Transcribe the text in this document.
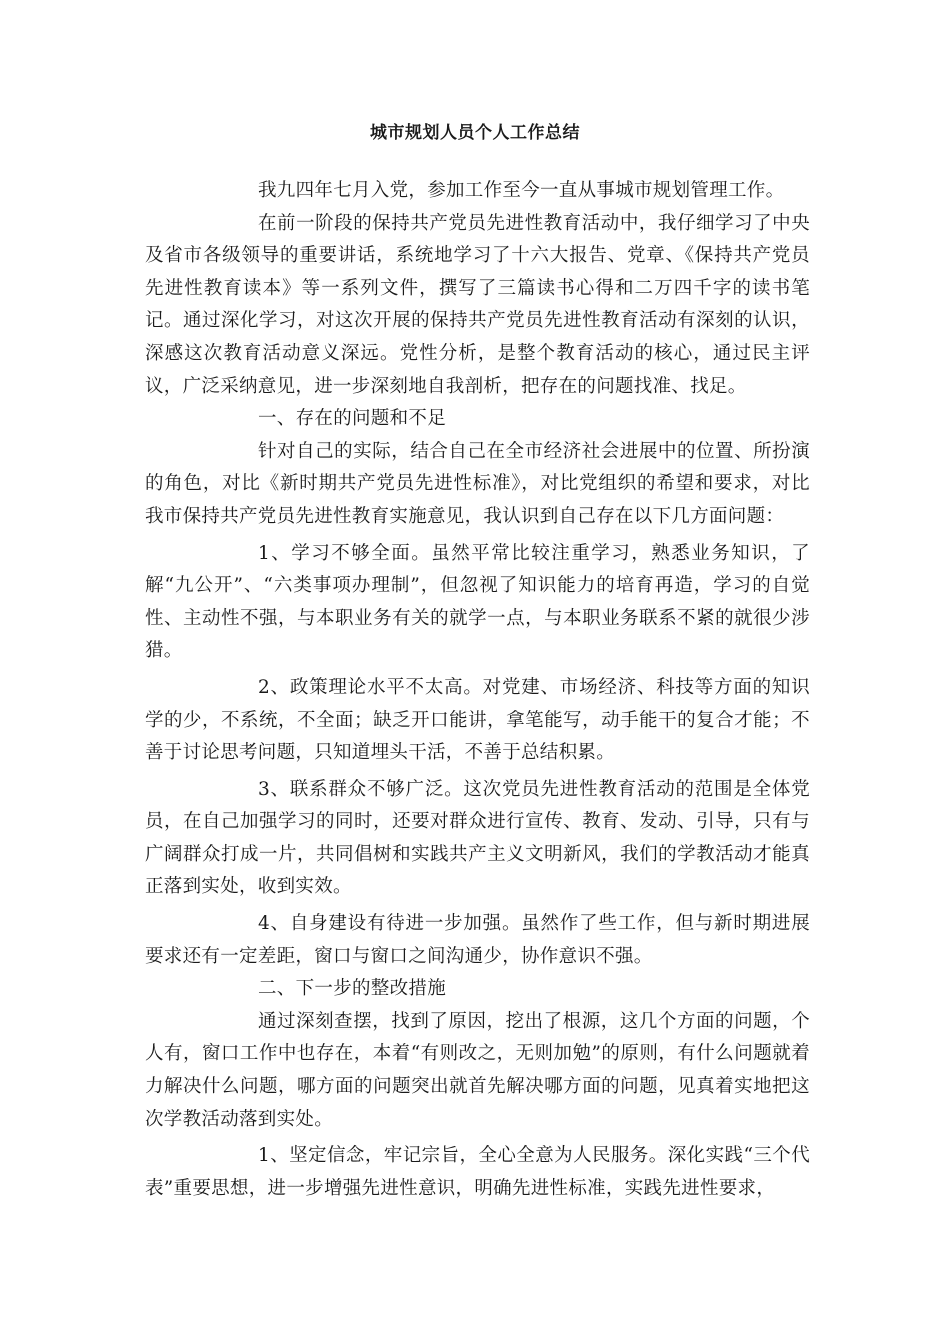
城市规划人员个人工作总结

我九四年七月入党，参加工作至今一直从事城市规划管理工作。

在前一阶段的保持共产党员先进性教育活动中，我仔细学习了中央及省市各级领导的重要讲话，系统地学习了十六大报告、党章、《保持共产党员先进性教育读本》等一系列文件，撰写了三篇读书心得和二万四千字的读书笔记。通过深化学习，对这次开展的保持共产党员先进性教育活动有深刻的认识，深感这次教育活动意义深远。党性分析，是整个教育活动的核心，通过民主评议，广泛采纳意见，进一步深刻地自我剖析，把存在的问题找准、找足。

一、存在的问题和不足

针对自己的实际，结合自己在全市经济社会进展中的位置、所扮演的角色，对比《新时期共产党员先进性标准》，对比党组织的希望和要求，对比我市保持共产党员先进性教育实施意见，我认识到自己存在以下几方面问题：

1、学习不够全面。虽然平常比较注重学习，熟悉业务知识，了解“九公开”、“六类事项办理制”，但忽视了知识能力的培育再造，学习的自觉性、主动性不强，与本职业务有关的就学一点，与本职业务联系不紧的就很少涉猎。

2、政策理论水平不太高。对党建、市场经济、科技等方面的知识学的少，不系统，不全面；缺乏开口能讲，拿笔能写，动手能干的复合才能；不善于讨论思考问题，只知道埋头干活，不善于总结积累。

3、联系群众不够广泛。这次党员先进性教育活动的范围是全体党员，在自己加强学习的同时，还要对群众进行宣传、教育、发动、引导，只有与广阔群众打成一片，共同倡树和实践共产主义文明新风，我们的学教活动才能真正落到实处，收到实效。

4、自身建设有待进一步加强。虽然作了些工作，但与新时期进展要求还有一定差距，窗口与窗口之间沟通少，协作意识不强。

二、下一步的整改措施

通过深刻查摆，找到了原因，挖出了根源，这几个方面的问题，个人有，窗口工作中也存在，本着“有则改之，无则加勉”的原则，有什么问题就着力解决什么问题，哪方面的问题突出就首先解决哪方面的问题，见真着实地把这次学教活动落到实处。

1、坚定信念，牢记宗旨，全心全意为人民服务。深化实践“三个代表”重要思想，进一步增强先进性意识，明确先进性标准，实践先进性要求，
